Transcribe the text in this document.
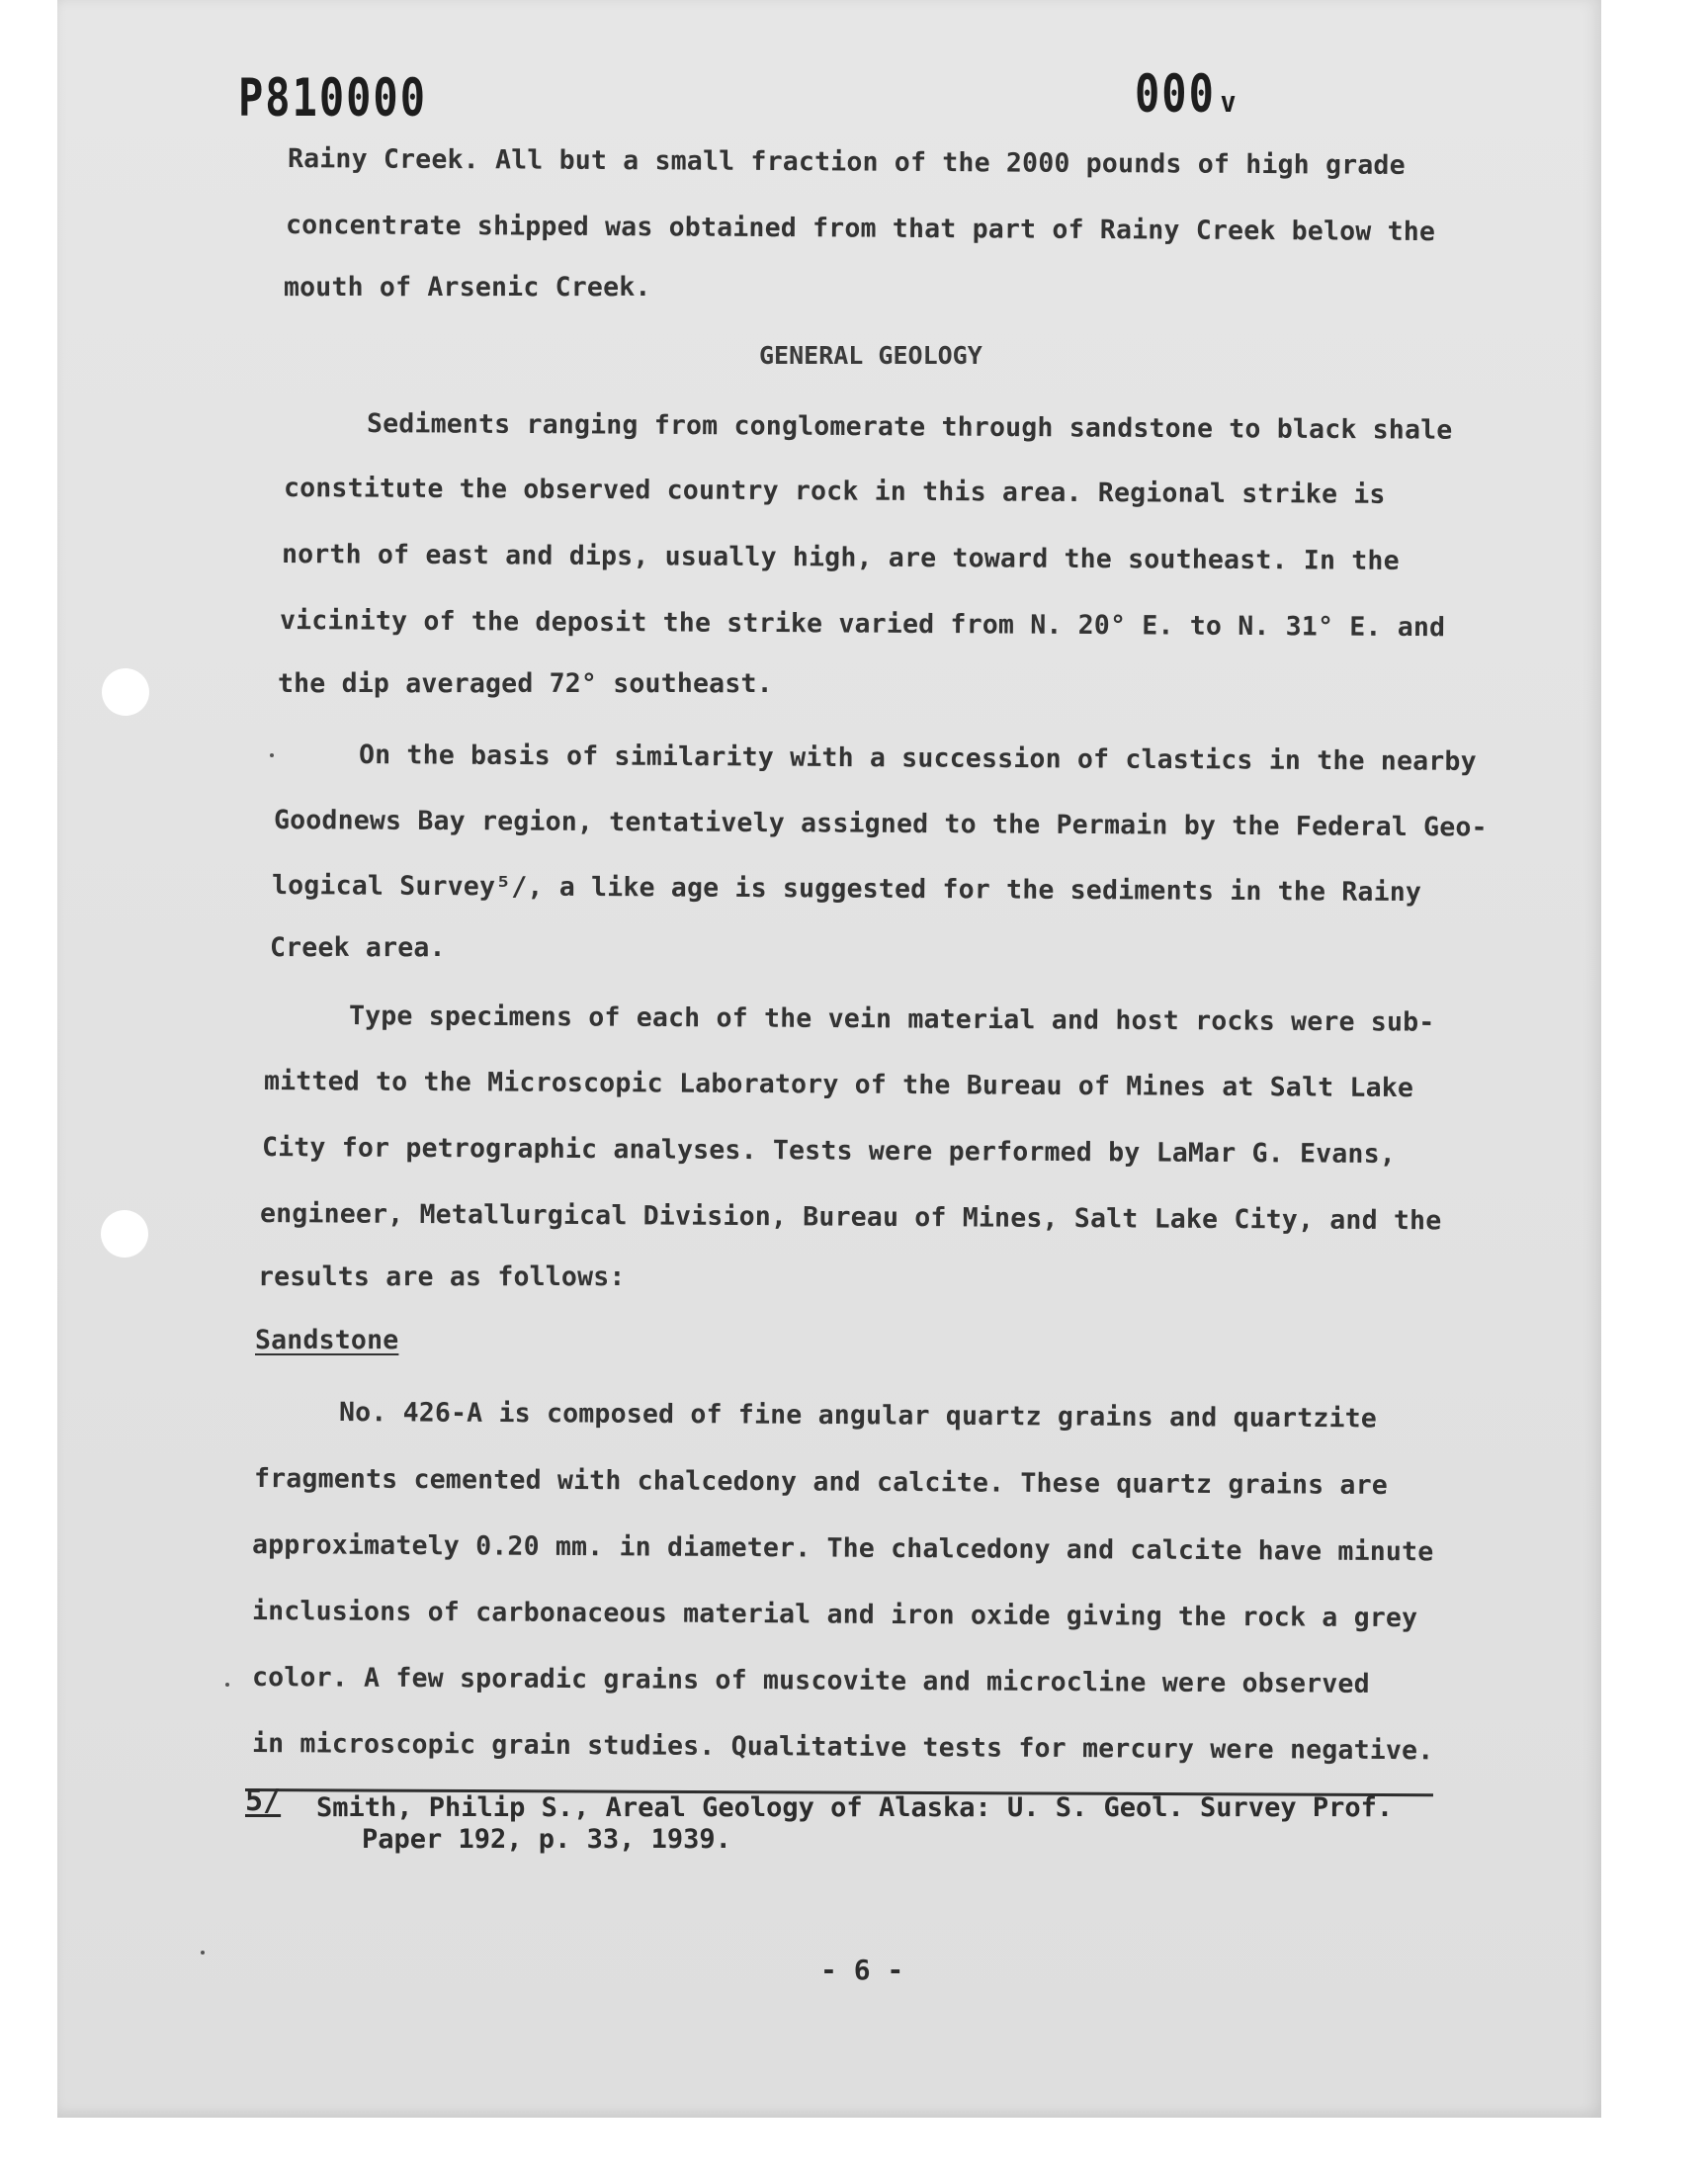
P810000	000ᵥ
Rainy Creek. All but a small fraction of the 2000 pounds of high grade
concentrate shipped was obtained from that part of Rainy Creek below the
mouth of Arsenic Creek.
GENERAL GEOLOGY
Sediments ranging from conglomerate through sandstone to black shale
constitute the observed country rock in this area. Regional strike is
north of east and dips, usually high, are toward the southeast. In the
vicinity of the deposit the strike varied from N. 20° E. to N. 31° E. and
the dip averaged 72° southeast.
On the basis of similarity with a succession of clastics in the nearby
Goodnews Bay region, tentatively assigned to the Permain by the Federal Geo-
logical Survey⁵/, a like age is suggested for the sediments in the Rainy
Creek area.
Type specimens of each of the vein material and host rocks were sub-
mitted to the Microscopic Laboratory of the Bureau of Mines at Salt Lake
City for petrographic analyses. Tests were performed by LaMar G. Evans,
engineer, Metallurgical Division, Bureau of Mines, Salt Lake City, and the
results are as follows:
Sandstone
No. 426-A is composed of fine angular quartz grains and quartzite
fragments cemented with chalcedony and calcite. These quartz grains are
approximately 0.20 mm. in diameter. The chalcedony and calcite have minute
inclusions of carbonaceous material and iron oxide giving the rock a grey
color. A few sporadic grains of muscovite and microcline were observed
in microscopic grain studies. Qualitative tests for mercury were negative.
5/ Smith, Philip S., Areal Geology of Alaska: U. S. Geol. Survey Prof.
Paper 192, p. 33, 1939.
- 6 -
